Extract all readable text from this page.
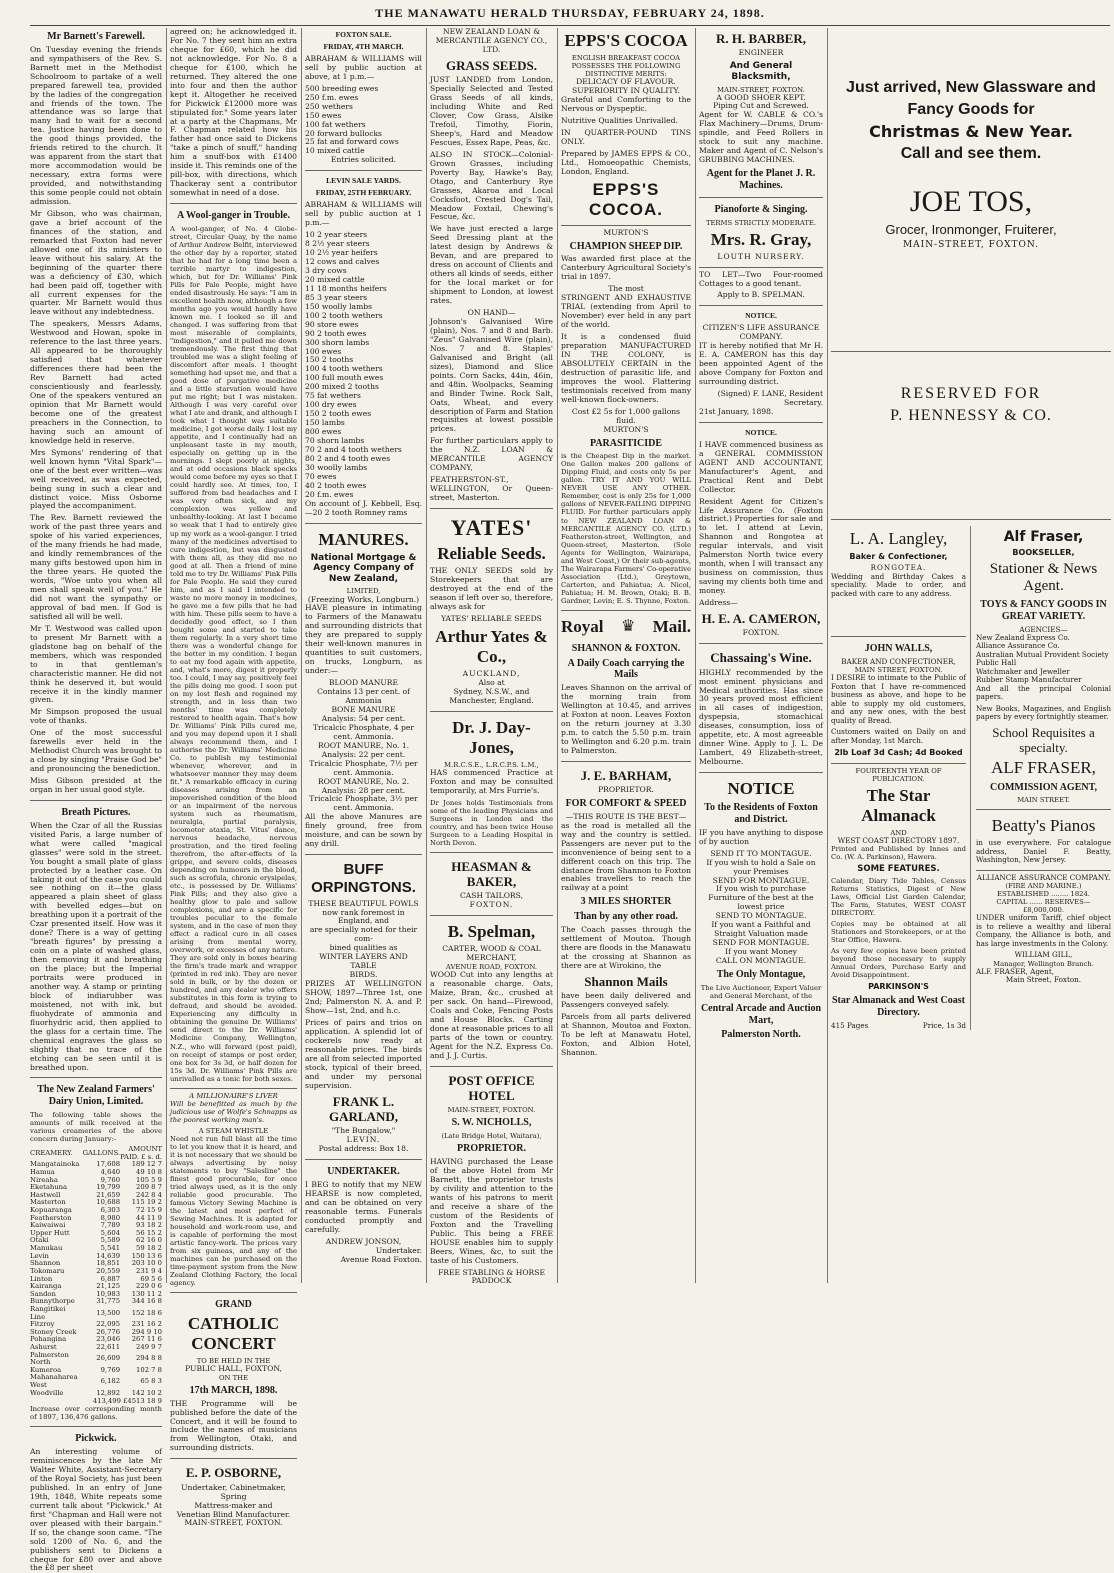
THE MANAWATU HERALD THURSDAY, FEBRUARY 24, 1898.
Mr Barnett's Farewell.

On Tuesday evening the friends and sympathisers of the Rev. S. Barnett met in the Methodist Schoolroom to partake of a well prepared farewell tea, provided by the ladies of the congregation and friends of the town. The attendance was so large that many had to wait for a second tea. Justice having been done to the good things provided, the friends retired to the church. It was apparent from the start that more accommodation would be necessary, extra forms were provided, and notwithstanding this some people could not obtain admission.

Mr Gibson, who was chairman, gave a brief account of the finances of the station, and remarked that Foxton had never allowed one of its ministers to leave without his salary. At the beginning of the quarter there was a deficiency of £30, which had been paid off, together with all current expenses for the quarter. Mr Barnett would thus leave without any indebtedness.

The speakers, Messrs Adams, Westwood and Howan, spoke in reference to the last three years. All appeared to be thoroughly satisfied that whatever differences there had been the Rev Barnett had acted conscientiously and fearlessly. One of the speakers ventured an opinion that Mr Barnett would become one of the greatest preachers in the Connection, to having such an amount of knowledge held in reserve.

Mrs Symons' rendering of that well known hymn "Vital Spark"—one of the best ever written—was well received, as was expected, being sung in such a clear and distinct voice. Miss Osborne played the accompaniment.

The Rev. Barnett reviewed the work of the past three years and spoke of his varied experiences, of the many friends he had made, and kindly remembrances of the many gifts bestowed upon him in the three years. He quoted the words, "Woe unto you when all men shall speak well of you." He did not want the sympathy or approval of bad men. If God is satisfied all will be well.

Mr T. Westwood was called upon to present Mr Barnett with a gladstone bag on behalf of the members, which was responded to in that gentleman's characteristic manner. He did not think he deserved it, but would receive it in the kindly manner given.

Mr Simpson proposed the usual vote of thanks.

One of the most successful farewells ever held in the Methodist Church was brought to a close by singing "Praise God be" and pronouncing the benediction.

Miss Gibson presided at the organ in her usual good style.

Breath Pictures.

When the Czar of all the Russias visited Paris, a large number of what were called "magical glasses" were sold in the street. You bought a small plate of glass protected by a leather case. On taking it out of the case you could see nothing on it—the glass appeared a plain sheet of glass with bevelled edges—but on breathing upon it a portrait of the Czar presented itself. How was it done? There is a way of getting "breath figures" by pressing a coin on a plate of washed glass, then removing it and breathing on the place; but the Imperial portraits were produced in another way. A stamp or printing block of indiarubber was moistened, not with ink, but fluohydrate of ammonia and fluorhydric acid, then applied to the glass for a certain time. The chemical engraves the glass so slightly that no trace of the etching can be seen until it is breathed upon.

The New Zealand Farmers' Dairy Union, Limited.

The following table shows the amounts of milk received at the various creameries of the above concern during January:-

CREAMERY.	GALLONS.	AMOUNT PAID. £ s. d.
Mangatainoka	17,608	189 12 7
Hamua	4,640	49 10 8
Nireaha	9,760	105 5 9
Eketahuna	19,799	209 8 7
Hastwell	21,659	242 8 4
Masterton	10,688	115 19 2
Kopuaranga	6,303	72 15 9
Featherston	8,980	44 11 9
Kaiwaiwai	7,789	93 18 2
Upper Hutt	5,604	56 15 2
Otaki	5,589	62 16 0
Manukau	5,541	59 18 2
Levin	14,639	150 13 6
Shannon	18,851	203 10 0
Tokomaru	20,559	231 9 4
Linton	6,887	69 5 6
Kairanga	21,125	229 0 6
Sandon	10,983	130 11 2
Bunnythorpe	31,775	344 16 8
Rangitikei Line	13,500	152 18 6
Fitzroy	22,095	231 16 2
Stoney Creek	26,776	294 9 10
Pohangina	23,046	267 11 6
Ashurst	22,611	249 9 7
Palmerston North	26,609	294 8 8
Kumeroa	9,769	102 7 8
Mahanaharea West	6,182	65 8 3
Woodville	12,892	142 10 2
413,499 £4513 18 9

Increase over corresponding month of 1897, 136,476 gallons.

Pickwick.

An interesting volume of reminiscences by the late Mr Walter White, Assistant-Secretary of the Royal Society, has just been published. In an entry of June 19th, 1848, White repeats some current talk about "Pickwick." At first "Chapman and Hall were not over pleased with their bargain." If so, the change soon came. "The sold 1200 of No. 6, and the publishers sent to Dickens a cheque for £80 over and above the £8 per sheet

agreed on; he acknowledged it. For No. 7 they sent him an extra cheque for £60, which he did not acknowledge. For No. 8 a cheque for £100, which he returned. They altered the one into four and then the author kept it. Altogether he received for Pickwick £12000 more was stipulated for." Some years later at a party at the Chapmans, Mr F. Chapman related how his father had once said to Dickens "take a pinch of snuff," handing him a snuff-box with £1400 inside it. This reminds one of the pill-box, with directions, which Thackeray sent a contributor somewhat in need of a dose.

A Wool-ganger in Trouble.

A wool-ganger, of No. 4 Globe-street, Circular Quay, by the name of Arthur Andrew Belfit, interviewed the other day by a reporter, stated that he had for a long time been a terrible martyr to indigestion, which, but for Dr. Williams' Pink Pills for Pale People, might have ended disastrously. He says: "I am in excellent health now, although a few months ago you would hardly have known me. I looked so ill and changed. I was suffering from that most miserable of complaints, "indigestion," and it pulled me down tremendously. The first thing that troubled me was a slight feeling of discomfort after meals. I thought something had upset me, and that a good dose of purgative medicine and a little starvation would have put me right; but I was mistaken. Although I was very careful over what I ate and drank, and although I took what I thought was suitable medicine, I got worse daily. I lost my appetite, and I continually had an unpleasant taste in my mouth, especially on getting up in the mornings. I slept poorly at nights, and at odd occasions black specks would come before my eyes so that I could hardly see. At times, too, I suffered from bad headaches and I was very often sick, and my complexion was yellow and unhealthy-looking. At last I became so weak that I had to entirely give up my work as a wool-ganger. I tried many of the medicines advertised to cure indigestion, but was disgusted with them all, as they did me no good at all. Then a friend of mine told me to try Dr. Williams' Pink Pills for Pale People. He said they cured him, and as I said I intended to waste no more money in medicines, he gave me a few pills that he had with him. These pills seem to have a decidedly good effect, so I then bought some and started to take them regularly. In a very short time there was a wonderful change for the better in my condition. I began to eat my food again with appetite, and, what's more, digest it properly too. I could, I may say, positively feel the pills doing me good. I soon put on my lost flesh and regained my strength, and in less than two months' time was completely restored to health again. That's how Dr. Williams' Pink Pills cured me, and you may depend upon it I shall always recommend them, and I authorise the Dr. Williams' Medicine Co. to publish my testimonial whenever, wherever, and in whatsoever manner they may deem fit." A remarkable efficacy in curing diseases arising from an impoverished condition of the blood or an impairment of the nervous system such as rheumatism, neuralgia, partial paralysis, locomotor ataxia, St. Vitus' dance, nervous headache, nervous prostration, and the tired feeling therefrom, the after-effects of la grippe, and severe colds, diseases depending on humours in the blood, such as scrofula, chronic erysipelas, etc., is possessed by Dr. Williams' Pink Pills; and they also give a healthy glow to pale and sallow complexions, and are a specific for troubles peculiar to the female system, and in the case of men they effect a radical cure in all cases arising from mental worry, overwork, or excesses of any nature. They are sold only in boxes bearing the firm's trade mark and wrapper (printed in red ink). They are never sold in bulk, or by the dozen or hundred, and any dealer who offers substitutes in this form is trying to defraud, and should be avoided. Experiencing any difficulty in obtaining the genuine Dr. Williams' send direct to the Dr. Williams' Medicine Company, Wellington, N.Z., who will forward (post paid), on receipt of stamps or post order, one box for 3s 3d, or half dozen for 15s 3d. Dr. Williams' Pink Pills are unrivalled as a tonic for both sexes.

A MILLIONAIRE'S LIVER

Will be benefitted as much by the judicious use of Wolfe's Schnapps as the poorest working man's.

A STEAM WHISTLE

Need not run full blast all the time to let you know that it is heard, and it is not necessary that we should be always advertising by noisy statements to buy "Salesline" the finest good procurable, for once tried always used, as it is the only reliable good procurable. The famous Victory Sewing Machine is the latest and most perfect of Sewing Machines. It is adapted for household and work-room use, and is capable of performing the most artistic fancy-work. The prices vary from six guineas, and any of the machines can be purchased on the time-payment system from the New Zealand Clothing Factory, the local agency.

GRAND
CATHOLIC CONCERT
TO BE HELD IN THE
PUBLIC HALL, FOXTON,
ON THE
17th MARCH, 1898.

THE Programme will be published before the date of the Concert, and it will be found to include the names of musicians from Wellington, Otaki, and surrounding districts.

E. P. OSBORNE,
Undertaker, Cabinetmaker, Spring
Mattress-maker and
Venetian Blind Manufacturer.
MAIN-STREET, FOXTON.
FOXTON SALE.
FRIDAY, 4TH MARCH.

ABRAHAM & WILLIAMS will sell by public auction at above, at 1 p.m.—

500 breeding ewes
250 f.m. ewes
250 wethers
150 ewes
100 fat wethers
20 forward bullocks
25 fat and forward cows
10 mixed cattle
Entries solicited.
LEVIN SALE YARDS.
FRIDAY, 25TH FEBRUARY.

ABRAHAM & WILLIAMS will sell by public auction at 1 p.m.—

10 2 year steers
8 2½ year steers
10 2½ year heifers
12 cows and calves
3 dry cows
20 mixed cattle
11 18 months heifers
85 3 year steers
150 woolly lambs
100 2 tooth wethers
90 store ewes
90 2 tooth ewes
300 shorn lambs
100 ewes
150 2 tooths
100 4 tooth wethers
100 full mouth ewes
200 mixed 2 tooths
75 fat wethers
100 dry ewes
150 2 tooth ewes
150 lambs
800 ewes
70 shorn lambs
70 2 and 4 tooth wethers
80 2 and 4 tooth ewes
30 woolly lambs
70 ewes
40 2 tooth ewes
20 f.m. ewes

On account of J. Kebbell, Esq.—20 2 tooth Romney rams

MANURES.
National Mortgage & Agency Company of New Zealand,
LIMITED,
(Freezing Works, Longburn.)

HAVE pleasure in intimating to Farmers of the Manawatu and surrounding districts that they are prepared to supply their well-known manures in quantities to suit customers, on trucks, Longburn, as under:—

BLOOD MANURE
Contains 13 per cent. of Ammonia
BONE MANURE
Analysis: 54 per cent. Tricalcic Phosphate, 4 per cent. Ammonia.
ROOT MANURE, No. 1.
Analysis: 22 per cent. Tricalcic Phosphate, 7½ per cent. Ammonia.
ROOT MANURE, No. 2.
Analysis: 28 per cent. Tricalcic Phosphate, 3½ per cent. Ammonia.

All the above Manures are finely ground, free from moisture, and can be sown by any drill.

BUFF ORPINGTONS.
THESE BEAUTIFUL FOWLS
now rank foremost in England, and
are specially noted for their com-
bined qualities as
WINTER LAYERS AND TABLE
BIRDS.

PRIZES AT WELLINGTON SHOW, 1897—Three 1st, one 2nd; Palmerston N. A. and P. Show—1st, 2nd, and h.c.

Prices of pairs and trios on application. A splendid lot of cockerels now ready at reasonable prices. The birds are all from selected imported stock, typical of their breed, and under my personal supervision.

FRANK L. GARLAND,
"The Bungalow,"
LEVIN.
Postal address: Box 18.
UNDERTAKER.

I BEG to notify that my NEW HEARSE is now completed, and can be obtained on very reasonable terms. Funerals conducted promptly and carefully.

ANDREW JONSON,
Undertaker.
Avenue Road Foxton.
NEW ZEALAND LOAN & MERCANTILE AGENCY CO., LTD.
GRASS SEEDS.

JUST LANDED from London, Specially Selected and Tested Grass Seeds of all kinds, including White and Red Clover, Cow Grass, Alsike Trefoil, Timothy, Fiorin, Sheep's, Hard and Meadow Fescues, Essex Rape, Peas, &c.

ALSO IN STOCK—Colonial-Grown Grasses, including Poverty Bay, Hawke's Bay, Otago, and Canterbury Rye Grasses, Akaroa and Local Cocksfoot, Crested Dog's Tail, Meadow Foxtail, Chewing's Fescue, &c.

We have just erected a large Seed Dressing plant at the latest design by Andrews & Bevan, and are prepared to dress on account of Clients and others all kinds of seeds, either for the local market or for shipment to London, at lowest rates.

ON HAND—

Johnson's Galvanised Wire (plain), Nos. 7 and 8 and Barb. "Zeus" Galvanised Wire (plain), Nos. 7 and 8. Staples' Galvanised and Bright (all sizes), Diamond and Slice points. Corn Sacks, 44in, 46in, and 48in. Woolpacks, Seaming and Binder Twine. Rock Salt, Oats, Wheat, and every description of Farm and Station requisites at lowest possible prices.

For further particulars apply to the N.Z. LOAN & MERCANTILE AGENCY COMPANY,

FEATHERSTON-ST., WELLINGTON, Or Queen-street, Masterton.

YATES'
Reliable Seeds.

THE ONLY SEEDS sold by Storekeepers that are destroyed at the end of the season if left over so, therefore, always ask for

YATES' RELIABLE SEEDS
Arthur Yates & Co.,
AUCKLAND,
Also at
Sydney, N.S.W., and Manchester, England.
Dr. J. Day-Jones,
M.R.C.S.E., L.R.C.P.S. L.M.,

HAS commenced Practice at Foxton and may be consulted temporarily, at Mrs Furrie's.

Dr Jones holds Testimonials from some of the leading Physicians and Surgeons in London and the country, and has been twice House Surgeon to a Leading Hospital in North Devon.

HEASMAN & BAKER,
CASH TAILORS,
FOXTON.
B. Spelman,
CARTER, WOOD & COAL MERCHANT,
AVENUE ROAD, FOXTON.

WOOD Cut into any lengths at a reasonable charge. Oats, Maize, Bran, &c., crushed at per sack. On hand—Firewood, Coals and Coke, Fencing Posts and House Blocks. Carting done at reasonable prices to all parts of the town or country. Agent for the N.Z. Express Co. and J. J. Curtis.

POST OFFICE HOTEL
MAIN-STREET, FOXTON.
S. W. NICHOLLS,
(Late Bridge Hotel, Waitara),
PROPRIETOR.

HAVING purchased the Lease of the above Hotel from Mr Barnett, the proprietor trusts by civility and attention to the wants of his patrons to merit and receive a share of the custom of the Residents of Foxton and the Travelling Public. This being a FREE HOUSE enables him to supply Beers, Wines, &c, to suit the taste of his Customers.

FREE STABLING & HORSE PADDOCK
EPPS'S COCOA
ENGLISH BREAKFAST COCOA
POSSESSES THE FOLLOWING
DISTINCTIVE MERITS:
DELICACY OF FLAVOUR.
SUPERIORITY IN QUALITY.

Grateful and Comforting to the Nervous or Dyspeptic.

Nutritive Qualities Unrivalled.

IN QUARTER-POUND TINS ONLY.

Prepared by JAMES EPPS & CO., Ltd., Homoeopathic Chemists, London, England.

EPPS'S COCOA.
MURTON'S
CHAMPION SHEEP DIP.

Was awarded first place at the Canterbury Agricultural Society's trial in 1897.

The most

STRINGENT AND EXHAUSTIVE TRIAL (extending from April to November) ever held in any part of the world.

It is a condensed fluid preparation MANUFACTURED IN THE COLONY, is ABSOLUTELY CERTAIN in the destruction of parasitic life, and improves the wool. Flattering testimonials received from many well-known flock-owners.

Cost £2 5s for 1,000 gallons fluid.
MURTON'S
PARASITICIDE

is the Cheapest Dip in the market. One Gallon makes 200 gallons of Dipping Fluid, and costs only 5s per gallon. TRY IT AND YOU WILL NEVER USE ANY OTHER. Remember, cost is only 25s for 1,000 gallons of NEVER-FAILING DIPPING FLUID. For further particulars apply to NEW ZEALAND LOAN & MERCANTILE AGENCY CO. (LTD.) Featherston-street, Wellington, and Queen-street, Masterton. (Sole Agents for Wellington, Wairarapa, and West Coast,) Or their sub-agents, The Wairarapa Farmers' Co-operative Association (Ltd.), Greytown, Carterton, and Pahiatua; A. Nicol, Pahiatua; H. M. Brown, Otaki; B. B. Gardner, Levin; E. S. Thynne, Foxton.

Royal ♛ Mail.
SHANNON & FOXTON.
A Daily Coach carrying the Mails

Leaves Shannon on the arrival of the morning train from Wellington at 10.45, and arrives at Foxton at noon. Leaves Foxton on the return journey at 3.30 p.m. to catch the 5.50 p.m. train to Wellington and 6.20 p.m. train to Palmerston.

J. E. BARHAM,
PROPRIETOR.
FOR COMFORT & SPEED
—THIS ROUTE IS THE BEST—

as the road is metalled all the way and the country is settled. Passengers are never put to the inconvenience of being sent to a different coach on this trip. The distance from Shannon to Foxton enables travellers to reach the railway at a point

3 MILES SHORTER
Than by any other road.

The Coach passes through the settlement of Moutoa. Though there are floods in the Manawatu at the crossing at Shannon as there are at Wirokino, the

Shannon Mails

have been daily delivered and Passengers conveyed safely.

Parcels from all parts delivered at Shannon, Moutoa and Foxton. To be left at Manawatu Hotel, Foxton, and Albion Hotel, Shannon.

R. H. BARBER,
ENGINEER
And General Blacksmith,
MAIN-STREET, FOXTON.
A GOOD SHOER KEPT.
Piping Cut and Screwed.

Agent for W. CABLE & CO.'s Flax Machinery—Drums, Drum-spindle, and Feed Rollers in stock to suit any machine. Maker and Agent of C. Nelson's GRUBBING MACHINES.

Agent for the Planet J. R. Machines.
Pianoforte & Singing.
TERMS STRICTLY MODERATE.
Mrs. R. Gray,
LOUTH NURSERY.

TO LET—Two Four-roomed Cottages to a good tenant.

Apply to B. SPELMAN.
NOTICE.
CITIZEN'S LIFE ASSURANCE COMPANY.

IT is hereby notified that Mr H. E. A. CAMERON has this day been appointed Agent of the above Company for Foxton and surrounding district.

(Signed) F. LANE, Resident Secretary.
21st January, 1898.
NOTICE.

I HAVE commenced business as a GENERAL COMMISSION AGENT AND ACCOUNTANT, Manufacturer's Agent, and Practical Rent and Debt Collector.

Resident Agent for Citizen's Life Assurance Co. (Foxton district.) Properties for sale and to let. I attend at Levin, Shannon and Rongotea at regular intervals, and visit Palmerston North twice every month, when I will transact any business on commission, thus saving my clients both time and money.

Address—
H. E. A. CAMERON,
FOXTON.
Chassaing's Wine.

HIGHLY recommended by the most eminent physicians and Medical authorities. Has since 30 years proved most efficient in all cases of indigestion, dyspepsia, stomachical diseases, consumption, loss of appetite, etc. A most agreeable dinner Wine. Apply to J. L. De Lambert, 49 Elizabeth-street, Melbourne.

NOTICE
To the Residents of Foxton and District.

IF you have anything to dispose of by auction

SEND IT TO MONTAGUE.
If you wish to hold a Sale on your Premises
SEND FOR MONTAGUE.
If you wish to purchase Furniture of the best at the lowest price
SEND TO MONTAGUE.
If you want a Faithful and Straight Valuation made
SEND FOR MONTAGUE.
If you want Money
CALL ON MONTAGUE.
The Only Montague,
The Live Auctioneer, Expert Valuer and General Merchant, of the
Central Arcade and Auction Mart,
Palmerston North.
Just arrived, New Glassware and
Fancy Goods for
Christmas & New Year.
Call and see them.
JOE TOS,
Grocer, Ironmonger, Fruiterer,
MAIN-STREET, FOXTON.
RESERVED FOR
P. HENNESSY & CO.
L. A. Langley,
Baker & Confectioner,
RONGOTEA.

Wedding and Birthday Cakes a speciality. Made to order, and packed with care to any address.

JOHN WALLS,
BAKER AND CONFECTIONER,
MAIN STREET, FOXTON.

I DESIRE to intimate to the Public of Foxton that I have re-commenced business as above, and hope to be able to supply my old customers, and any new ones, with the best quality of Bread.

Customers waited on Daily on and after Monday, 1st March.

2lb Loaf 3d Cash; 4d Booked
FOURTEENTH YEAR OF PUBLICATION.
The Star Almanack
AND
WEST COAST DIRECTORY 1897.

Printed and Published by Innes and Co. (W. A. Parkinson), Hawera.

SOME FEATURES.

Calendar, Diary Tide Tables, Census Returns Statistics, Digest of New Laws, Official List Garden Calendar, The Farm, Statutes, WEST COAST DIRECTORY.

Copies may be obtained at all Stationers and Storekeepers, or at the Star Office, Hawera.

As very few copies have been printed beyond those necessary to supply Annual Orders, Purchase Early and Avoid Disappointment.

PARKINSON'S
Star Almanack and West Coast Directory.
415 Pages	Price, 1s 3d
Alf Fraser,
BOOKSELLER,
Stationer & News Agent.
TOYS & FANCY GOODS IN GREAT VARIETY.
AGENCIES—
New Zealand Express Co.
Alliance Assurance Co.
Australian Mutual Provident Society
Public Hall
Watchmaker and Jeweller
Rubber Stamp Manufacturer

And all the principal Colonial papers.

New Books, Magazines, and English papers by every fortnightly steamer.

School Requisites a specialty.
ALF FRASER,
COMMISSION AGENT,
MAIN STREET.
Beatty's Pianos

in use everywhere. For catalogue address, Daniel F. Beatty, Washington, New Jersey.

ALLIANCE ASSURANCE COMPANY.
(FIRE AND MARINE.)
ESTABLISHED ........ 1824.
CAPITAL ...... RESERVES—£8,000,000.

UNDER uniform Tariff, chief object is to relieve a wealthy and liberal Company, the Alliance is both, and has large investments in the Colony.

WILLIAM GILL,
Manager, Wellington Branch.
ALF. FRASER, Agent,
Main Street, Foxton.
